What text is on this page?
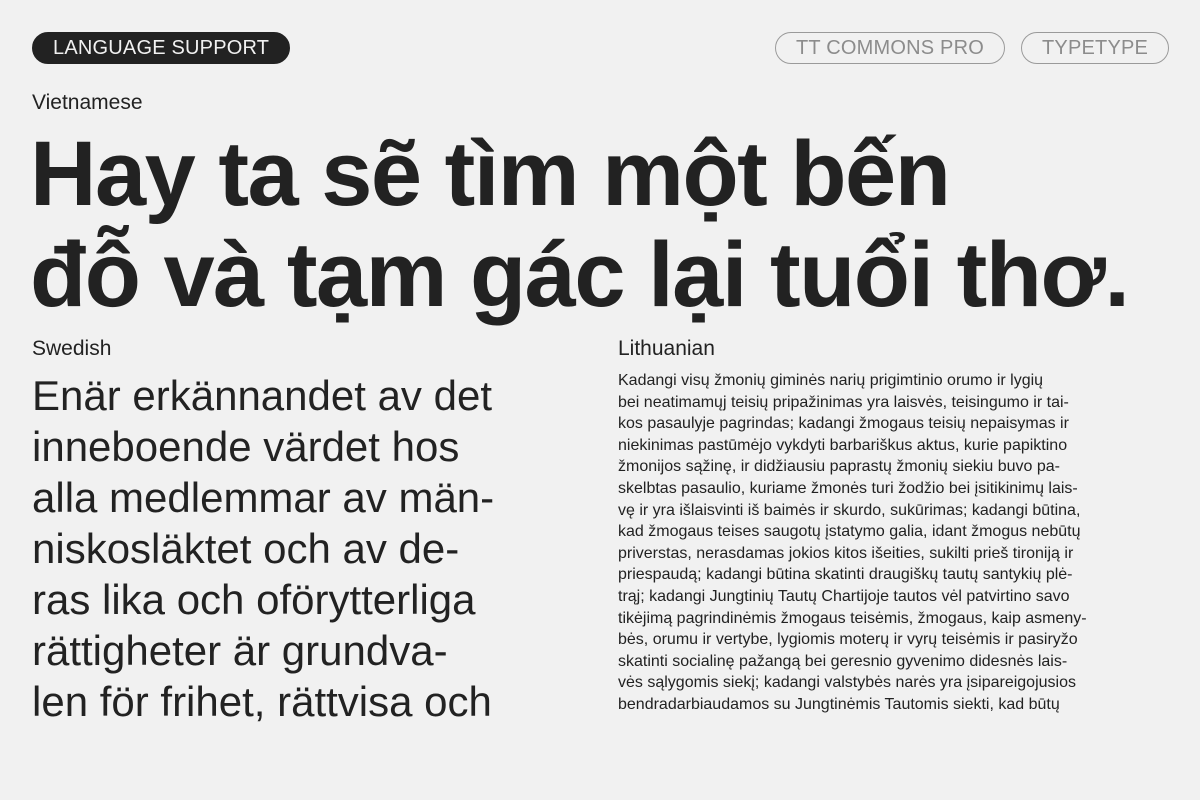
LANGUAGE SUPPORT	TT COMMONS PRO	TYPETYPE
Vietnamese
Hay ta sẽ tìm một bến
đỗ và tạm gác lại tuổi thơ.
Swedish
Enär erkännandet av det
inneboende värdet hos
alla medlemmar av män-
niskosläktet och av de-
ras lika och oförytterliga
rättigheter är grundva-
len för frihet, rättvisa och
Lithuanian
Kadangi visų žmonių giminės narių prigimtinio orumo ir lygių
bei neatimamųj teisių pripažinimas yra laisvės, teisingumo ir tai-
kos pasaulyje pagrindas; kadangi žmogaus teisių nepaisymas ir
niekinimas pastūmėjo vykdyti barbariškus aktus, kurie papiktino
žmonijos sąžinę, ir didžiausiu paprastų žmonių siekiu buvo pa-
skelbtas pasaulio, kuriame žmonės turi žodžio bei įsitikinimų lais-
vę ir yra išlaisvinti iš baimės ir skurdo, sukūrimas; kadangi būtina,
kad žmogaus teises saugotų įstatymo galia, idant žmogus nebūtų
priverstas, nerasdamas jokios kitos išeities, sukilti prieš tironiją ir
priespaudą; kadangi būtina skatinti draugiškų tautų santykių plė-
trąj; kadangi Jungtinių Tautų Chartijoje tautos vėl patvirtino savo
tikėjimą pagrindinėmis žmogaus teisėmis, žmogaus, kaip asmeny-
bės, orumu ir vertybe, lygiomis moterų ir vyrų teisėmis ir pasiryžo
skatinti socialinę pažangą bei geresnio gyvenimo didesnės lais-
vės sąlygomis siekį; kadangi valstybės narės yra įsipareigojusios
bendradarbiaudamos su Jungtinėmis Tautomis siekti, kad būtų
